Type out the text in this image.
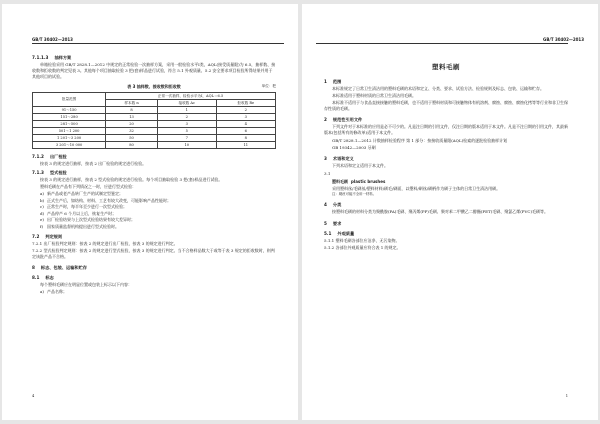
GB/T 30402—2013
7.1.1.3 抽样方案
单箱检验采用 GB/T 2828.1—2012 中规定的正常检验一次抽样方案，采用一般检验水平Ⅰ类，AQL(接受质量限)为 6.5，抽样数、接收数和拒收数的判定见表 3。其他每个项目抽取检验 3 把(套)样品进行试验，符合 5.1 外观质量、5.2 安全要求项目检验所得结果并用于其他项目的试验。
表 3 抽样数、接收数和拒收数	单位：把
批量范围	正常一次抽样，检验水平为Ⅰ，AQL＝6.5		
	样本数 n	接收数 Ac	拒收数 Re
91～150	8	1	2
151～280	13	2	3
281～500	20	3	4
501～1 200	32	5	6
1 201～3 200	50	7	8
3 201～10 000	80	10	11
7.1.2 出厂检验
按表 3 的规定进行抽样，按表 2 出厂检验的规定进行检验。
7.1.3 型式检验
按表 3 的规定进行抽样，按表 2 型式检验的规定进行检验。每个项目抽取检验 3 把(套)样品进行试验。
塑料毛刷在产品有下列情况之一时，应进行型式检验：
a) 新产品或老产品转厂生产的试制定型鉴定；
b) 正式生产后，如结构、材料、工艺有较大改变，可能影响产品性能时；
c) 正常生产时，每半年至少进行一次型式检验；
d) 产品停产 6 个月以上后，恢复生产时；
e) 出厂检验结果与上次型式检验结果有较大差异时；
f) 国家质量监督机构提出进行型式检验时。
7.2 判定规则
7.2.1 出厂检验判定规则：按表 2 的规定进行出厂检验，按表 3 的规定进行判定。
7.2.2 型式检验判定规则：按表 2 的规定进行型式检验，按表 3 的规定进行判定。当不合格样品数大于或等于表 3 规定的拒收数时，则判定该批产品不合格。
8 标志、包装、运输和贮存
8.1 标志
每个塑料毛刷应在明显位置或包装上标示以下内容：
a) 产品名称；
4
GB/T 30402—2013
塑料毛刷
1 范围
本标准规定了日常卫生清洁用的塑料毛刷的术语和定义、分类、要求、试验方法、检验规则及标志、包装、运输和贮存。
本标准适用于塑料材质的日常卫生清洁用毛刷。
本标准不适用于与食品直接接触的塑料毛刷，也不适用于塑料材质和可接触物体有机溶剂、腐蚀、腐蚀、腐蚀化拷等等行业和非卫生保存性质的毛刷。
2 规范性引用文件
下列文件对于本标准的应用是必不可少的。凡是注日期的引用文件，仅注日期的版本适用于本文件。凡是不注日期的引用文件，其最新版本(包括所有的修改单)适用于本文件。
GB/T 2828.1—2012 计数抽样检验程序 第 1 部分：按接收质量限(AQL)检索的逐批检验抽样计划
GB 19342—2003 牙刷
3 术语和定义
下列术语和定义适用于本文件。
3.1
塑料毛刷 plastic brushes
采用塑料丝/毛刷丝/塑料材料/刷毛/刷面，以塑料/刷丝/刷柄作为刷子主体的日常卫生清洁用刷。
注：刷丝可能不全用一材料。
4 分类
按塑料毛刷的材料分类为聚酰胺(PA)毛刷、聚丙烯(PP)毛刷、聚对苯二甲酸乙二醇酯(PET)毛刷、聚氯乙烯(PVC)毛刷等。
5 要求
5.1 外观质量
5.1.1 塑料毛刷各部位应洁净、无污染物。
5.1.2 各部位外观质量应符合表 1 的规定。
1
